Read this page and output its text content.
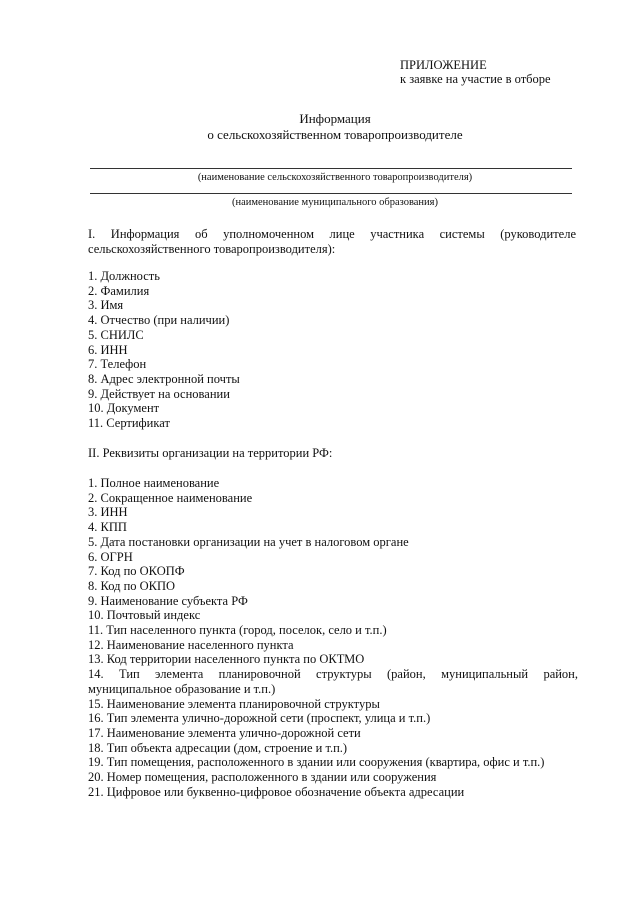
ПРИЛОЖЕНИЕ
к заявке на участие в отборе
Информация
о сельскохозяйственном товаропроизводителе
(наименование сельскохозяйственного товаропроизводителя)
(наименование муниципального образования)
I. Информация об уполномоченном лице участника системы (руководителе сельскохозяйственного товаропроизводителя):
1. Должность
2. Фамилия
3. Имя
4. Отчество (при наличии)
5. СНИЛС
6. ИНН
7. Телефон
8. Адрес электронной почты
9. Действует на основании
10. Документ
11. Сертификат
II. Реквизиты организации на территории РФ:
1. Полное наименование
2. Сокращенное наименование
3. ИНН
4. КПП
5. Дата постановки организации на учет в налоговом органе
6. ОГРН
7. Код по ОКОПФ
8. Код по ОКПО
9. Наименование субъекта РФ
10. Почтовый индекс
11. Тип населенного пункта (город, поселок, село и т.п.)
12. Наименование населенного пункта
13. Код территории населенного пункта по ОКТМО
14. Тип элемента планировочной структуры (район, муниципальный район, муниципальное образование и т.п.)
15. Наименование элемента планировочной структуры
16. Тип элемента улично-дорожной сети (проспект, улица и т.п.)
17. Наименование элемента улично-дорожной сети
18. Тип объекта адресации (дом, строение и т.п.)
19. Тип помещения, расположенного в здании или сооружения (квартира, офис и т.п.)
20. Номер помещения, расположенного в здании или сооружения
21. Цифровое или буквенно-цифровое обозначение объекта адресации
